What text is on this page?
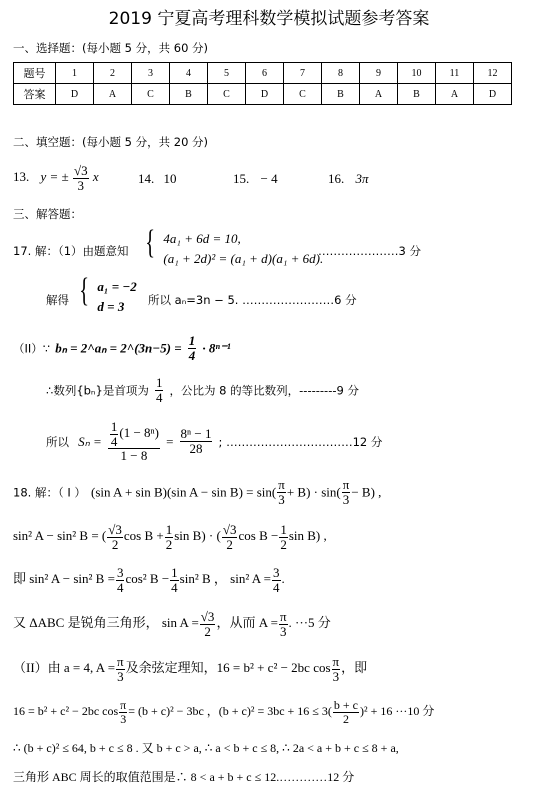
2019 宁夏高考理科数学模拟试题参考答案
一、选择题：(每小题 5 分，共 60 分)
题号	1	2	3	4	5	6	7	8	9	10	11	12
答案	D	A	C	B	C	D	C	B	A	B	A	D
二、填空题：(每小题 5 分，共 20 分)
13. y = ± $\frac{√3}{3}$ x	14. 10	15. − 4	16. 3π
三、解答题：
17. 解：（1）由题意知 { 4a₁ + 6d = 10,
(a₁ + 2d)² = (a₁ + d)(a₁ + 6d).
…………………3 分
解得 { a₁ = −2
d = 3	所以 aₙ=3n − 5. ……………………6 分
（II）∵ bₙ = 2^aₙ = 2^(3n−5) = $\frac{1}{4} \cdot 8^{n-1}$
∴数列{bₙ}是首项为 $\frac{1}{4}$ ，公比为 8 的等比数列，---------9 分
所以 $S_n = \frac{\frac{1}{4} (1 - 8^n)}{1 - 8} = \frac{\text{8ⁿ − 1}}{28}$ ; ……………………………12 分
18. 解：（ I ） (sin A + sin B)(sin $A - \sin B) = \sin( \frac{\pi}{3} + B) \cdot \sin( \frac{\pi}{3} - B)$ ,
sin² A − sin² B = ( $\frac{√3}{2}$ $\cos B + \frac{1}{2}$ sin B) · ( $\frac{√3}{2}$ $\cos B - \frac{1}{2}$ sin B) ,
即 sin² A − sin² $B = \frac{3}{4} \cos^2$ $B - \frac{1}{4} \sin^2$ B ， sin² $A = \frac{3}{4}$ .
又 ΔABC 是锐角三角形， $\sin A = \frac{√3}{2}$ ，从而 $A = \frac{\pi}{3}$ . ···5 分
（II）由 a = 4, $A = \frac{\pi}{3}$ 及余弦定理知，16 = b² + c² − 2bc $\cos \frac{\pi}{3}$ ，即
16 = b² + c² − 2bc $\cos \frac{\pi}{3} = (b + c)^2 - 3bc$ ，$(b + c)^2 = 3bc + 16 \le 3( \frac{b + c}{2} )^2 + 16 \cdot\cdot\cdot 10$ 分
∴ (b + c)² ≤ 64, b + c ≤ 8 . 又 b + c > a, ∴ a < b + c ≤ 8, ∴ 2a < a + b + c ≤ 8 + a,
三角形 ABC 周长的取值范围是∴ 8 < a + b + c ≤ 12.…………12 分
